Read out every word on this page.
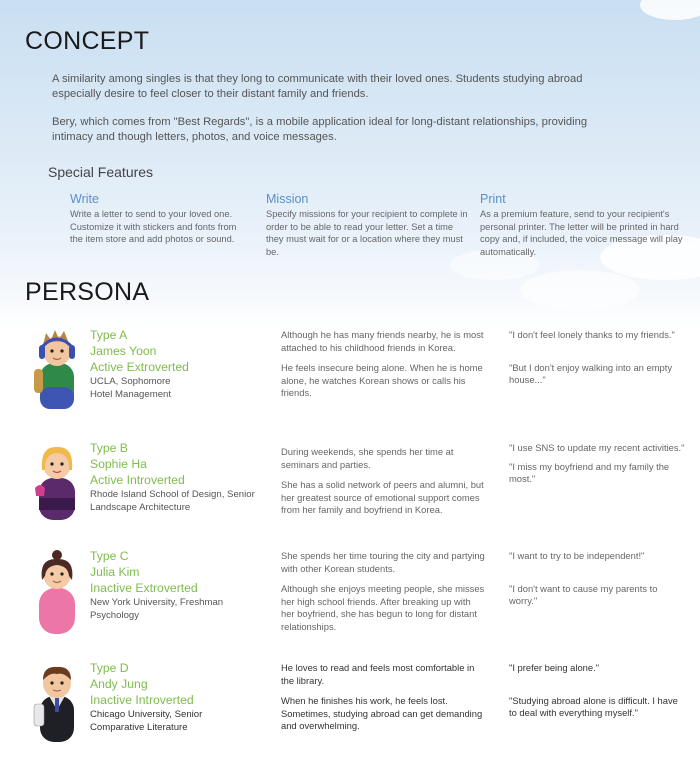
CONCEPT

A similarity among singles is that they long to communicate with their loved ones. Students studying abroad especially desire to feel closer to their distant family and friends.

Bery, which comes from "Best Regards", is a mobile application ideal for long-distant relationships, providing intimacy and though letters, photos, and voice messages.

Special Features
Write
Write a letter to send to your loved one. Customize it with stickers and fonts from the item store and add photos or sound.
Mission
Specify missions for your recipient to complete in order to be able to read your letter. Set a time they must wait for or a location where they must be.
Print
As a premium feature, send to your recipient's personal printer. The letter will be printed in hard copy and, if included, the voice message will play automatically.
PERSONA
Type A
James Yoon
Active Extroverted
UCLA, Sophomore
Hotel Management

Although he has many friends nearby, he is most attached to his childhood friends in Korea.

He feels insecure being alone. When he is home alone, he watches Korean shows or calls his friends.

"I don't feel lonely thanks to my friends."

"But I don't enjoy walking into an empty house..."

Type B
Sophie Ha
Active Introverted
Rhode Island School of Design, Senior
Landscape Architecture

During weekends, she spends her time at seminars and parties.

She has a solid network of peers and alumni, but her greatest source of emotional support comes from her family and boyfriend in Korea.

"I use SNS to update my recent activities."

"I miss my boyfriend and my family the most."

Type C
Julia Kim
Inactive Extroverted
New York University, Freshman
Psychology

She spends her time touring the city and partying with other Korean students.

Although she enjoys meeting people, she misses her high school friends. After breaking up with her boyfriend, she has begun to long for distant relationships.

"I want to try to be independent!"

"I don't want to cause my parents to worry."

Type D
Andy Jung
Inactive Introverted
Chicago University, Senior
Comparative Literature

He loves to read and feels most comfortable in the library.

When he finishes his work, he feels lost. Sometimes, studying abroad can get demanding and overwhelming.

"I prefer being alone."

"Studying abroad alone is difficult. I have to deal with everything myself."
